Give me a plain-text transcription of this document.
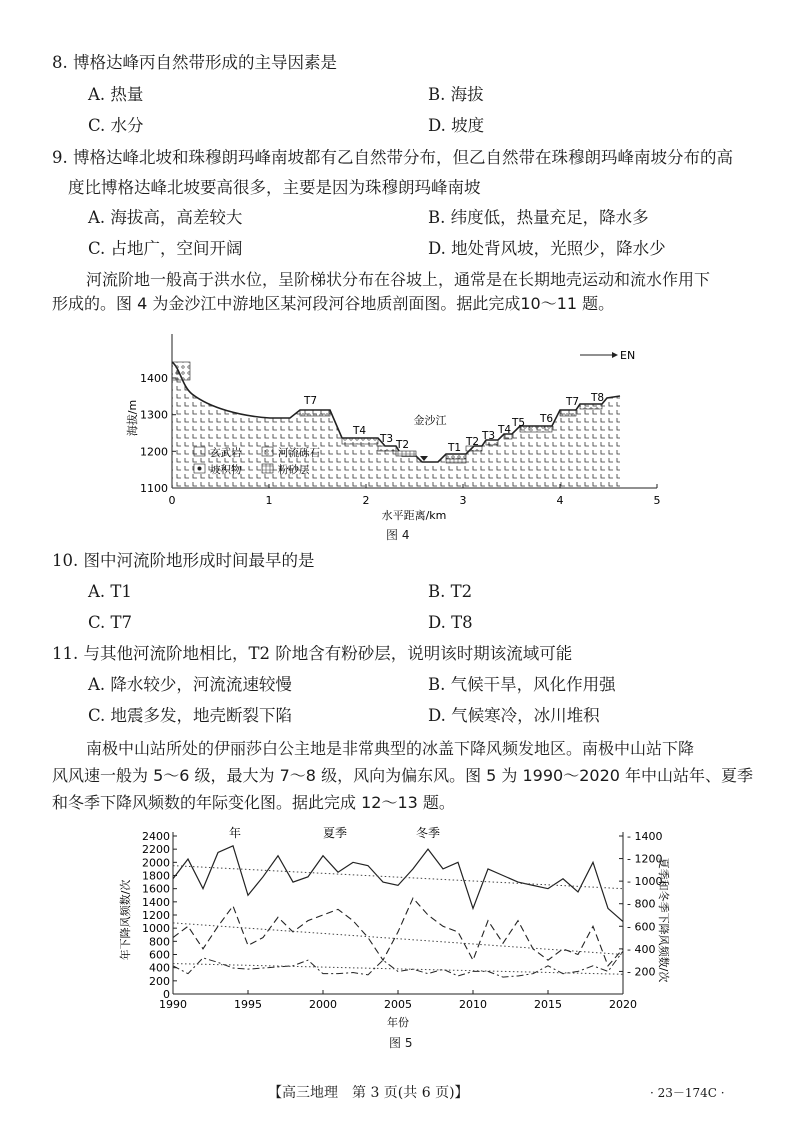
8. 博格达峰丙自然带形成的主导因素是
A. 热量	B. 海拔
C. 水分	D. 坡度
9. 博格达峰北坡和珠穆朗玛峰南坡都有乙自然带分布，但乙自然带在珠穆朗玛峰南坡分布的高
度比博格达峰北坡要高很多，主要是因为珠穆朗玛峰南坡
A. 海拔高，高差较大	B. 纬度低，热量充足，降水多
C. 占地广，空间开阔	D. 地处背风坡，光照少，降水少
河流阶地一般高于洪水位，呈阶梯状分布在谷坡上，通常是在长期地壳运动和流水作用下
形成的。图 4 为金沙江中游地区某河段河谷地质剖面图。据此完成10～11 题。
1400
1300
1200
1100
0	1	2	3	4	5
海拔/m
水平距离/km
金沙江
EN
T7
T4
T3 T2	T1 T2 T3 T4
T5 T6
T7 T8
玄武岩	河流砾石
坡积物	粉砂层
图 4
10. 图中河流阶地形成时间最早的是
A. T1	B. T2
C. T7	D. T8
11. 与其他河流阶地相比，T2 阶地含有粉砂层，说明该时期该流域可能
A. 降水较少，河流流速较慢	B. 气候干旱，风化作用强
C. 地震多发，地壳断裂下陷	D. 气候寒冷，冰川堆积
南极中山站所处的伊丽莎白公主地是非常典型的冰盖下降风频发地区。南极中山站下降
风风速一般为 5～6 级，最大为 7～8 级，风向为偏东风。图 5 为 1990～2020 年中山站年、夏季
和冬季下降风频数的年际变化图。据此完成 12～13 题。
0
200
400
600
800
1000
1200
1400
1600
1800
2000
2200
2400
- 200
- 400
- 600
- 800
- 1000
- 1200
- 1400
1990	1995	2000	2005	2010	2015	2020
年	夏季	冬季
年下降风频数/次	夏季和冬季下降风频数/次
年份
图 5
【高三地理　第 3 页(共 6 页)】	· 23－174C ·
